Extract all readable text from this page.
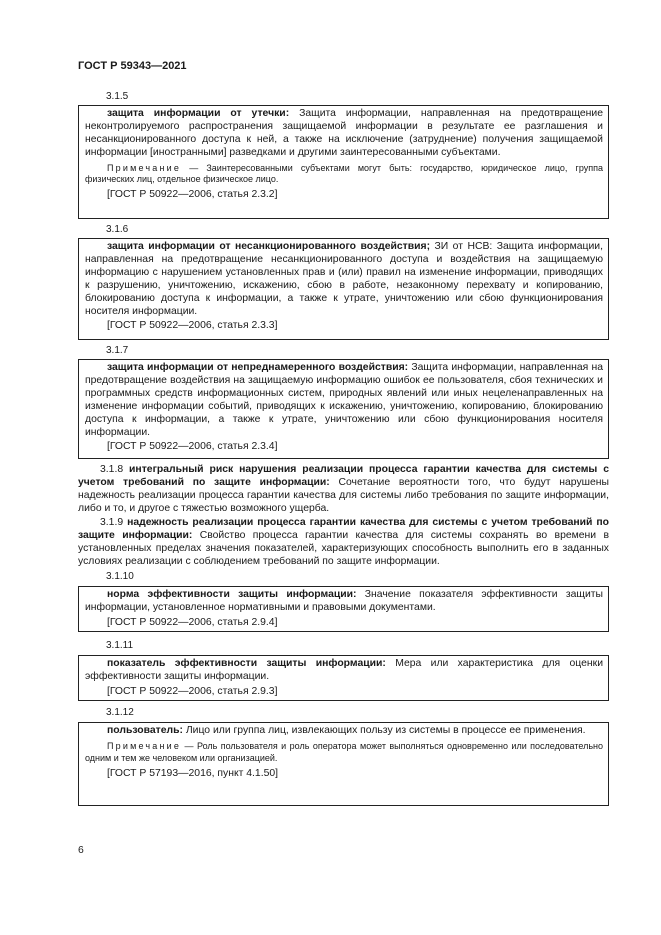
ГОСТ Р 59343—2021
3.1.5

защита информации от утечки: Защита информации, направленная на предотвращение неконтролируемого распространения защищаемой информации в результате ее разглашения и несанкционированного доступа к ней, а также на исключение (затруднение) получения защищаемой информации [иностранными] разведками и другими заинтересованными субъектами.

Примечание — Заинтересованными субъектами могут быть: государство, юридическое лицо, группа физических лиц, отдельное физическое лицо.

[ГОСТ Р 50922—2006, статья 2.3.2]

3.1.6

защита информации от несанкционированного воздействия; ЗИ от НСВ: Защита информации, направленная на предотвращение несанкционированного доступа и воздействия на защищаемую информацию с нарушением установленных прав и (или) правил на изменение информации, приводящих к разрушению, уничтожению, искажению, сбою в работе, незаконному перехвату и копированию, блокированию доступа к информации, а также к утрате, уничтожению или сбою функционирования носителя информации.

[ГОСТ Р 50922—2006, статья 2.3.3]

3.1.7

защита информации от непреднамеренного воздействия: Защита информации, направленная на предотвращение воздействия на защищаемую информацию ошибок ее пользователя, сбоя технических и программных средств информационных систем, природных явлений или иных нецеленаправленных на изменение информации событий, приводящих к искажению, уничтожению, копированию, блокированию доступа к информации, а также к утрате, уничтожению или сбою функционирования носителя информации.

[ГОСТ Р 50922—2006, статья 2.3.4]

3.1.8 интегральный риск нарушения реализации процесса гарантии качества для системы с учетом требований по защите информации: Сочетание вероятности того, что будут нарушены надежность реализации процесса гарантии качества для системы либо требования по защите информации, либо и то, и другое с тяжестью возможного ущерба.

3.1.9 надежность реализации процесса гарантии качества для системы с учетом требований по защите информации: Свойство процесса гарантии качества для системы сохранять во времени в установленных пределах значения показателей, характеризующих способность выполнить его в заданных условиях реализации с соблюдением требований по защите информации.

3.1.10

норма эффективности защиты информации: Значение показателя эффективности защиты информации, установленное нормативными и правовыми документами.

[ГОСТ Р 50922—2006, статья 2.9.4]

3.1.11

показатель эффективности защиты информации: Мера или характеристика для оценки эффективности защиты информации.

[ГОСТ Р 50922—2006, статья 2.9.3]

3.1.12

пользователь: Лицо или группа лиц, извлекающих пользу из системы в процессе ее применения.

Примечание — Роль пользователя и роль оператора может выполняться одновременно или последовательно одним и тем же человеком или организацией.

[ГОСТ Р 57193—2016, пункт 4.1.50]

6
